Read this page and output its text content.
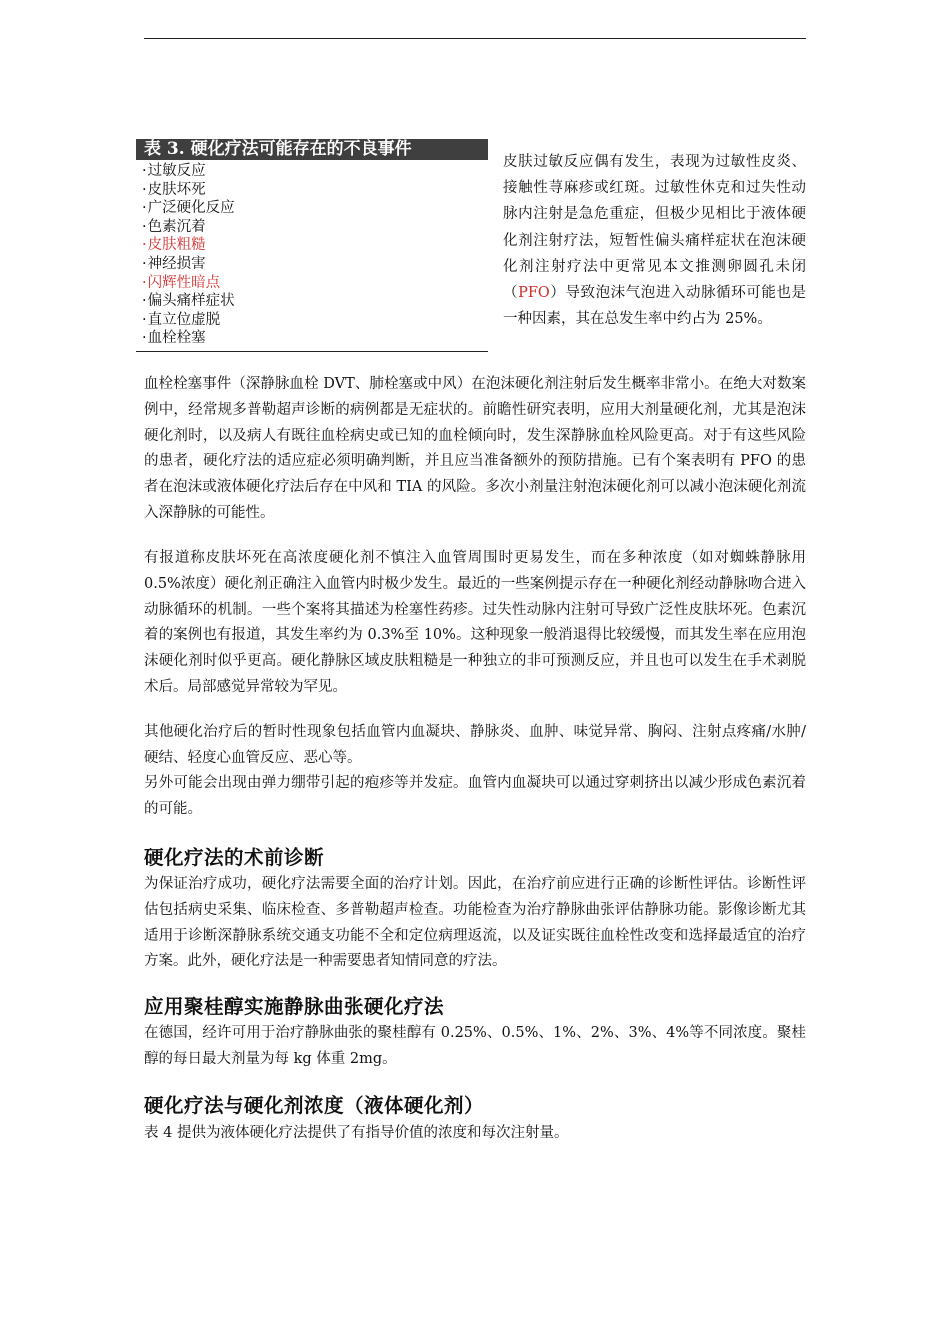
表 3. 硬化疗法可能存在的不良事件
·过敏反应
·皮肤坏死
·广泛硬化反应
·色素沉着
·皮肤粗糙
·神经损害
·闪辉性暗点
·偏头痛样症状
·直立位虚脱
·血栓栓塞

皮肤过敏反应偶有发生，表现为过敏性皮炎、接触性荨麻疹或红斑。过敏性休克和过失性动脉内注射是急危重症，但极少见相比于液体硬化剂注射疗法，短暂性偏头痛样症状在泡沫硬化剂注射疗法中更常见本文推测卵圆孔未闭（PFO）导致泡沫气泡进入动脉循环可能也是一种因素，其在总发生率中约占为 25%。

血栓栓塞事件（深静脉血栓 DVT、肺栓塞或中风）在泡沫硬化剂注射后发生概率非常小。在绝大对数案例中，经常规多普勒超声诊断的病例都是无症状的。前瞻性研究表明，应用大剂量硬化剂，尤其是泡沫硬化剂时，以及病人有既往血栓病史或已知的血栓倾向时，发生深静脉血栓风险更高。对于有这些风险的患者，硬化疗法的适应症必须明确判断，并且应当准备额外的预防措施。已有个案表明有 PFO 的患者在泡沫或液体硬化疗法后存在中风和 TIA 的风险。多次小剂量注射泡沫硬化剂可以减小泡沫硬化剂流入深静脉的可能性。

有报道称皮肤坏死在高浓度硬化剂不慎注入血管周围时更易发生，而在多种浓度（如对蜘蛛静脉用 0.5%浓度）硬化剂正确注入血管内时极少发生。最近的一些案例提示存在一种硬化剂经动静脉吻合进入动脉循环的机制。一些个案将其描述为栓塞性药疹。过失性动脉内注射可导致广泛性皮肤坏死。色素沉着的案例也有报道，其发生率约为 0.3%至 10%。这种现象一般消退得比较缓慢，而其发生率在应用泡沫硬化剂时似乎更高。硬化静脉区域皮肤粗糙是一种独立的非可预测反应，并且也可以发生在手术剥脱术后。局部感觉异常较为罕见。

其他硬化治疗后的暂时性现象包括血管内血凝块、静脉炎、血肿、味觉异常、胸闷、注射点疼痛/水肿/硬结、轻度心血管反应、恶心等。

另外可能会出现由弹力绷带引起的疱疹等并发症。血管内血凝块可以通过穿刺挤出以减少形成色素沉着的可能。

硬化疗法的术前诊断

为保证治疗成功，硬化疗法需要全面的治疗计划。因此，在治疗前应进行正确的诊断性评估。诊断性评估包括病史采集、临床检查、多普勒超声检查。功能检查为治疗静脉曲张评估静脉功能。影像诊断尤其适用于诊断深静脉系统交通支功能不全和定位病理返流，以及证实既往血栓性改变和选择最适宜的治疗方案。此外，硬化疗法是一种需要患者知情同意的疗法。

应用聚桂醇实施静脉曲张硬化疗法

在德国，经许可用于治疗静脉曲张的聚桂醇有 0.25%、0.5%、1%、2%、3%、4%等不同浓度。聚桂醇的每日最大剂量为每 kg 体重 2mg。

硬化疗法与硬化剂浓度（液体硬化剂）

表 4 提供为液体硬化疗法提供了有指导价值的浓度和每次注射量。
